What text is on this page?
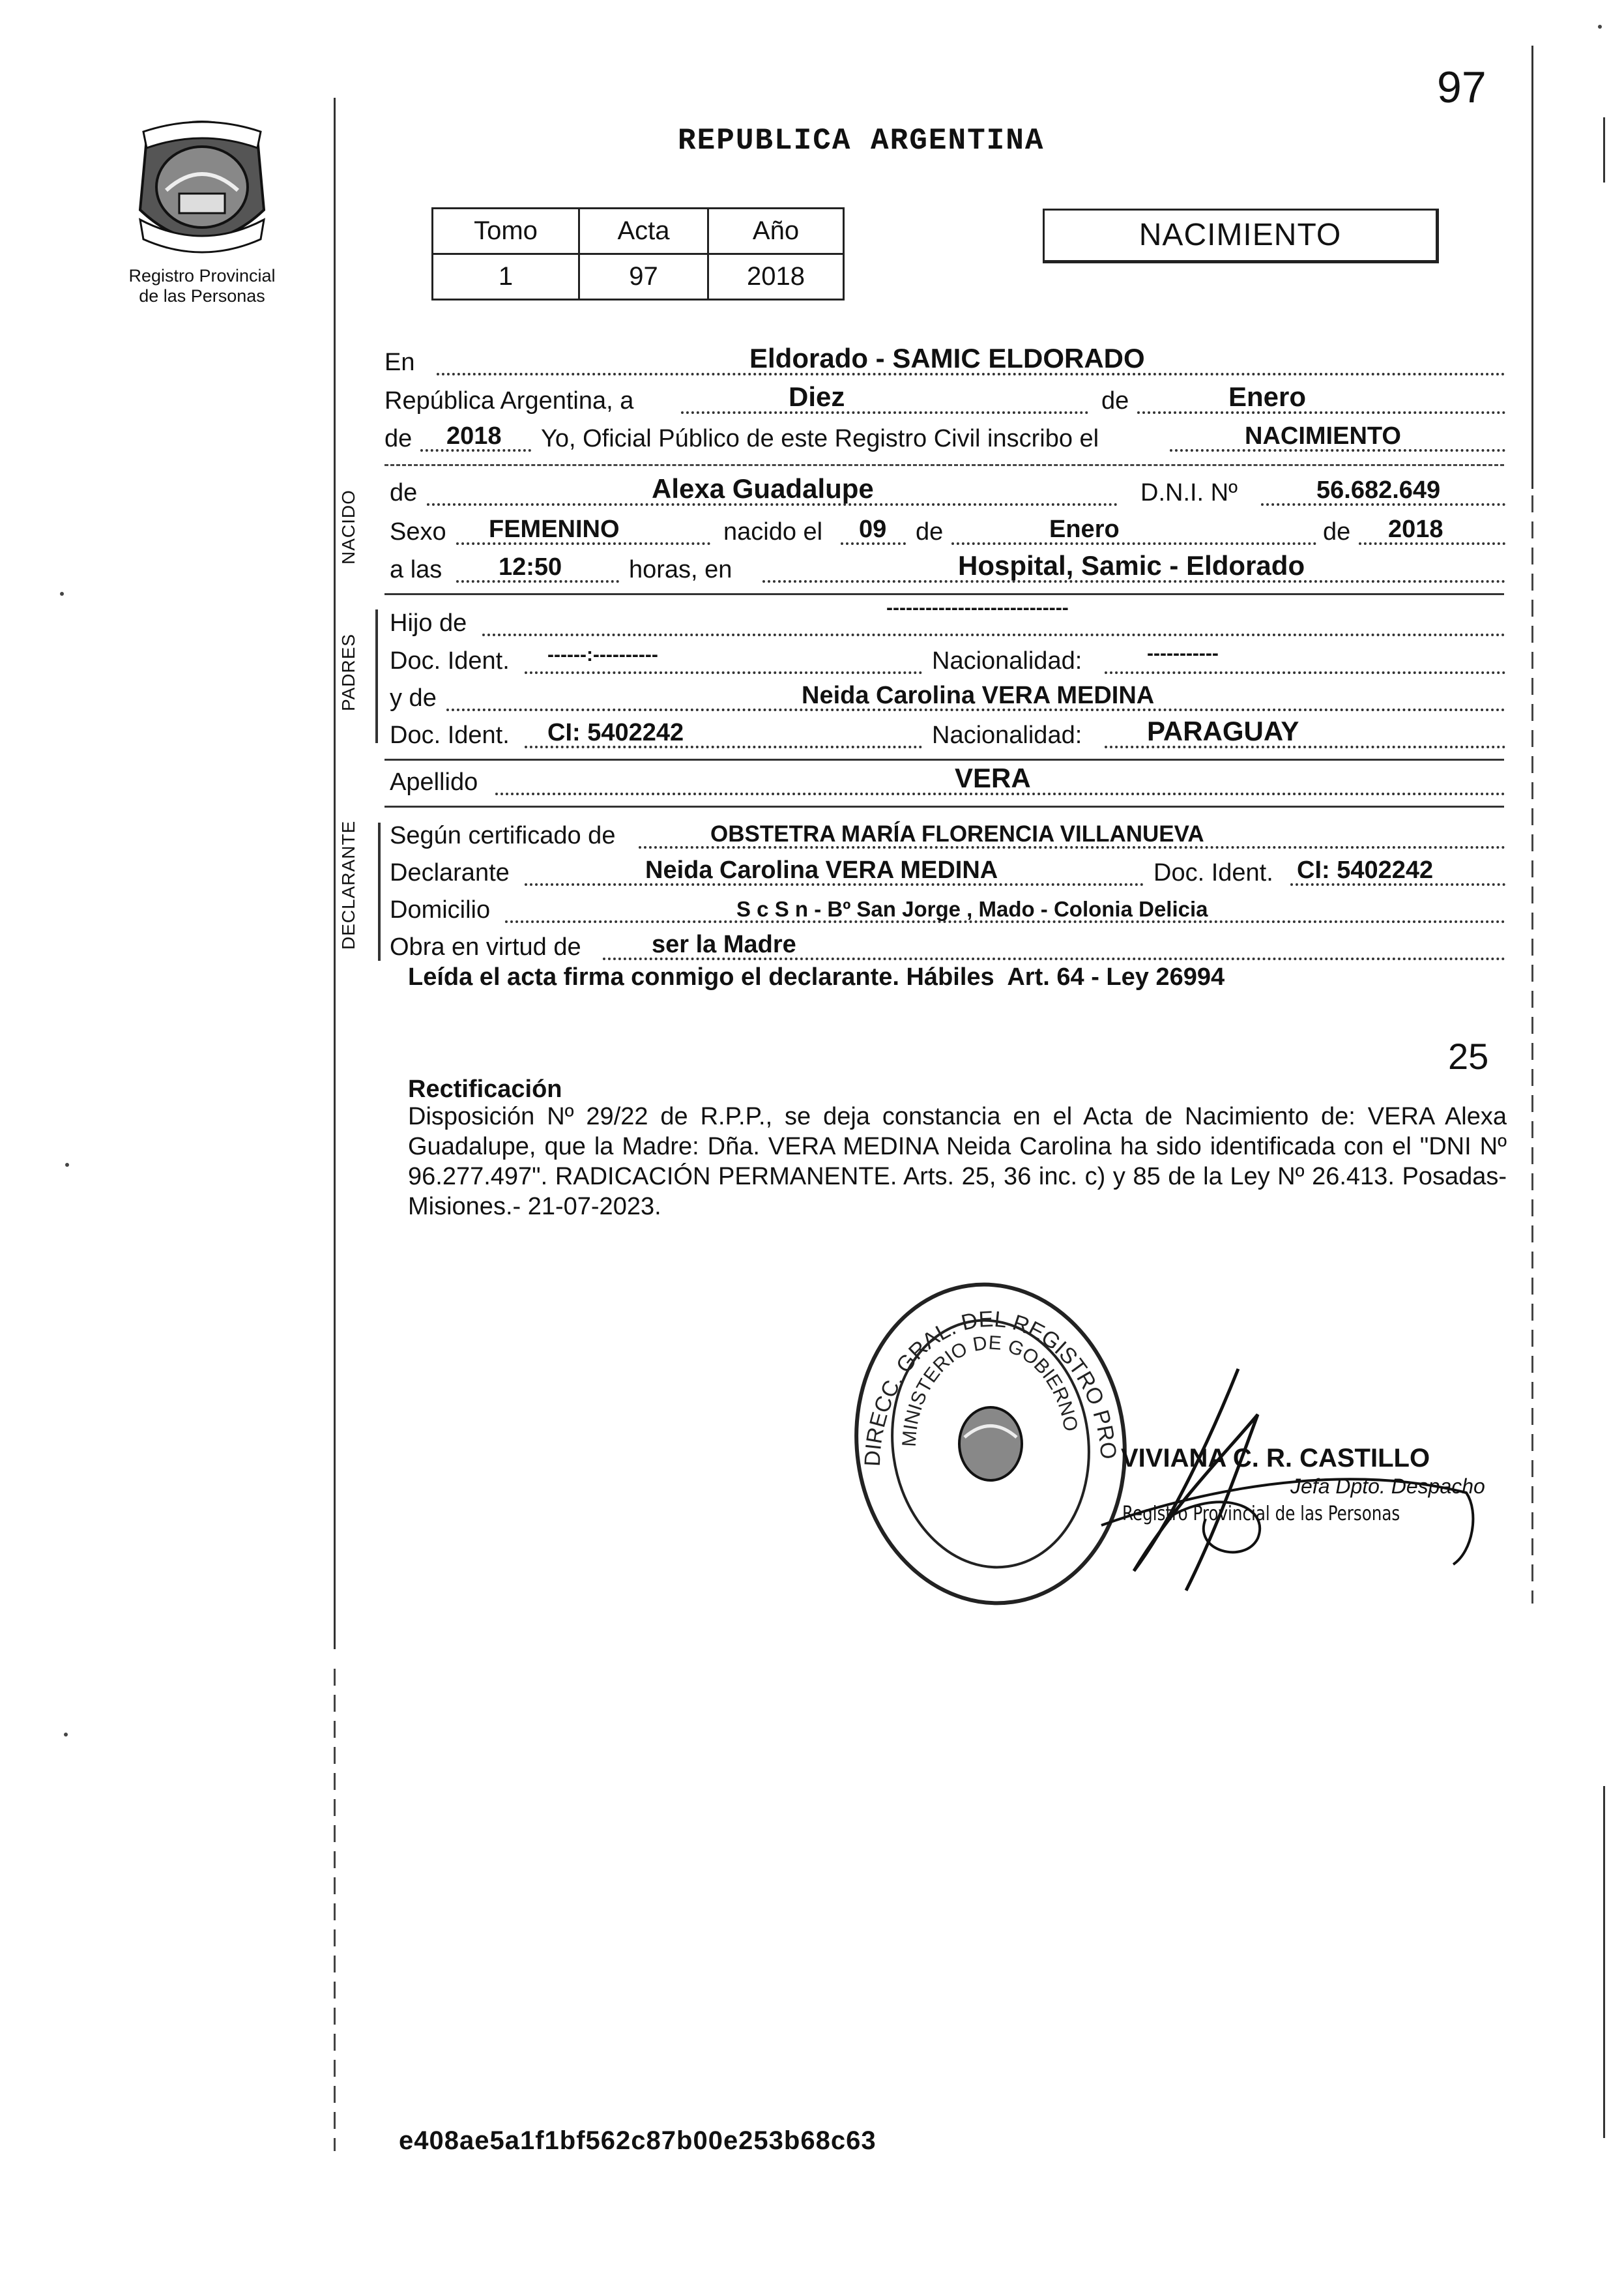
97
REPUBLICA ARGENTINA
Registro Provincial
de las Personas
Tomo	Acta	Año
1	97	2018
NACIMIENTO
En	Eldorado - SAMIC ELDORADO
República Argentina, a	Diez	de	Enero
de 2018 Yo, Oficial Público de este Registro Civil inscribo el	NACIMIENTO
NACIDO de	Alexa Guadalupe	D.N.I. Nº	56.682.649
Sexo FEMENINO	nacido el 09 de	Enero	de 2018
a las 12:50	horas, en	Hospital, Samic - Eldorado
PADRES
Hijo de
----------------------------
Doc. Ident. ------:----------	Nacionalidad:	-----------
y de	Neida Carolina VERA MEDINA
Doc. Ident. CI: 5402242	Nacionalidad: PARAGUAY
Apellido	VERA
DECLARANTE Según certificado de	OBSTETRA MARÍA FLORENCIA VILLANUEVA
Declarante	Neida Carolina VERA MEDINA	Doc. Ident. CI: 5402242
Domicilio	S c S n - Bº San Jorge , Mado - Colonia Delicia
Obra en virtud de	ser la Madre
Leída el acta firma conmigo el declarante. Hábiles  Art. 64 - Ley 26994
25
Rectificación
Disposición Nº 29/22 de R.P.P., se deja constancia en el Acta de Nacimiento de: VERA Alexa Guadalupe, que la Madre: Dña. VERA MEDINA Neida Carolina ha sido identificada con el "DNI Nº 96.277.497". RADICACIÓN PERMANENTE. Arts. 25, 36 inc. c) y 85 de la Ley Nº 26.413. Posadas- Misiones.- 21-07-2023.
DIRECC. GRAL. DEL REGISTRO PRO
MINISTERIO DE GOBIERNO
VIVIANA C. R. CASTILLO
Jefa Dpto. Despacho
Registro Provincial de las Personas
e408ae5a1f1bf562c87b00e253b68c63
